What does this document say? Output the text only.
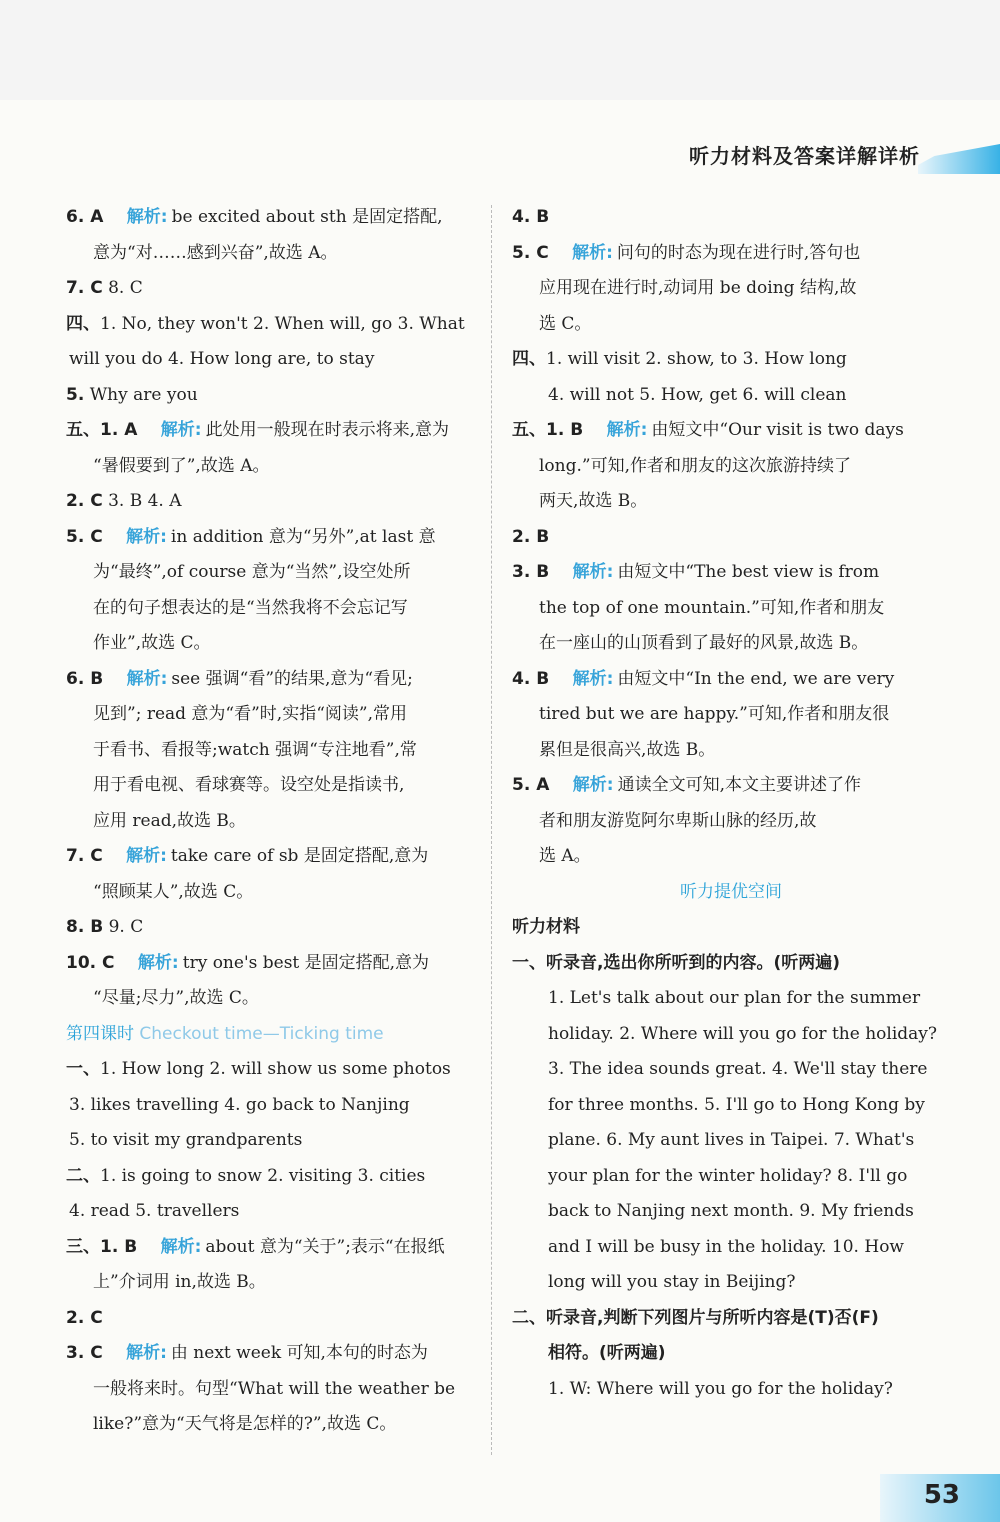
听力材料及答案详解详析
6. A 解析: be excited about sth 是固定搭配,
意为“对……感到兴奋”,故选 A。
7. C 8. C
四、1. No, they won't 2. When will, go 3. What
will you do 4. How long are, to stay
5. Why are you
五、1. A 解析: 此处用一般现在时表示将来,意为
“暑假要到了”,故选 A。
2. C 3. B 4. A
5. C 解析: in addition 意为“另外”,at last 意
为“最终”,of course 意为“当然”,设空处所
在的句子想表达的是“当然我将不会忘记写
作业”,故选 C。
6. B 解析: see 强调“看”的结果,意为“看见;
见到”; read 意为“看”时,实指“阅读”,常用
于看书、看报等;watch 强调“专注地看”,常
用于看电视、看球赛等。设空处是指读书,
应用 read,故选 B。
7. C 解析: take care of sb 是固定搭配,意为
“照顾某人”,故选 C。
8. B 9. C
10. C 解析: try one's best 是固定搭配,意为
“尽量;尽力”,故选 C。
第四课时 Checkout time—Ticking time
一、1. How long 2. will show us some photos
3. likes travelling 4. go back to Nanjing
5. to visit my grandparents
二、1. is going to snow 2. visiting 3. cities
4. read 5. travellers
三、1. B 解析: about 意为“关于”;表示“在报纸
上”介词用 in,故选 B。
2. C
3. C 解析: 由 next week 可知,本句的时态为
一般将来时。句型“What will the weather be
like?”意为“天气将是怎样的?”,故选 C。
4. B
5. C 解析: 问句的时态为现在进行时,答句也
应用现在进行时,动词用 be doing 结构,故
选 C。
四、1. will visit 2. show, to 3. How long
4. will not 5. How, get 6. will clean
五、1. B 解析: 由短文中“Our visit is two days
long.”可知,作者和朋友的这次旅游持续了
两天,故选 B。
2. B
3. B 解析: 由短文中“The best view is from
the top of one mountain.”可知,作者和朋友
在一座山的山顶看到了最好的风景,故选 B。
4. B 解析: 由短文中“In the end, we are very
tired but we are happy.”可知,作者和朋友很
累但是很高兴,故选 B。
5. A 解析: 通读全文可知,本文主要讲述了作
者和朋友游览阿尔卑斯山脉的经历,故
选 A。
听力提优空间
听力材料
一、听录音,选出你所听到的内容。(听两遍)
1. Let's talk about our plan for the summer
holiday. 2. Where will you go for the holiday?
3. The idea sounds great. 4. We'll stay there
for three months. 5. I'll go to Hong Kong by
plane. 6. My aunt lives in Taipei. 7. What's
your plan for the winter holiday? 8. I'll go
back to Nanjing next month. 9. My friends
and I will be busy in the holiday. 10. How
long will you stay in Beijing?
二、听录音,判断下列图片与所听内容是(T)否(F)
相符。(听两遍)
1. W: Where will you go for the holiday?
53
